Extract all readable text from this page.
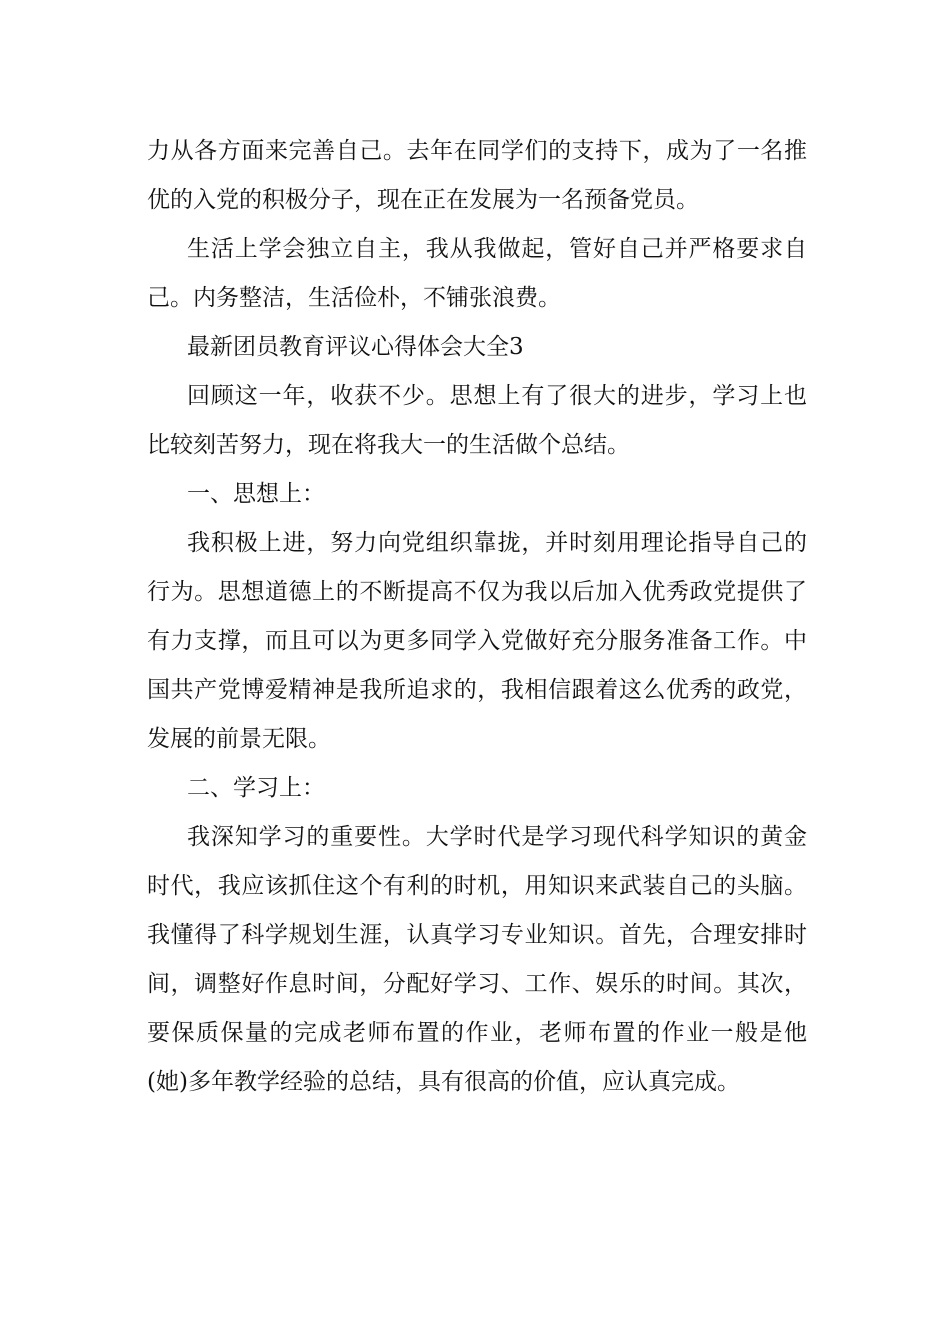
力从各方面来完善自己。去年在同学们的支持下，成为了一名推优的入党的积极分子，现在正在发展为一名预备党员。

生活上学会独立自主，我从我做起，管好自己并严格要求自己。内务整洁，生活俭朴，不铺张浪费。

最新团员教育评议心得体会大全3

回顾这一年，收获不少。思想上有了很大的进步，学习上也比较刻苦努力，现在将我大一的生活做个总结。

一、思想上：

我积极上进，努力向党组织靠拢，并时刻用理论指导自己的行为。思想道德上的不断提高不仅为我以后加入优秀政党提供了有力支撑，而且可以为更多同学入党做好充分服务准备工作。中国共产党博爱精神是我所追求的，我相信跟着这么优秀的政党，发展的前景无限。

二、学习上：

我深知学习的重要性。大学时代是学习现代科学知识的黄金时代，我应该抓住这个有利的时机，用知识来武装自己的头脑。我懂得了科学规划生涯，认真学习专业知识。首先，合理安排时间，调整好作息时间，分配好学习、工作、娱乐的时间。其次，要保质保量的完成老师布置的作业，老师布置的作业一般是他(她)多年教学经验的总结，具有很高的价值，应认真完成。
